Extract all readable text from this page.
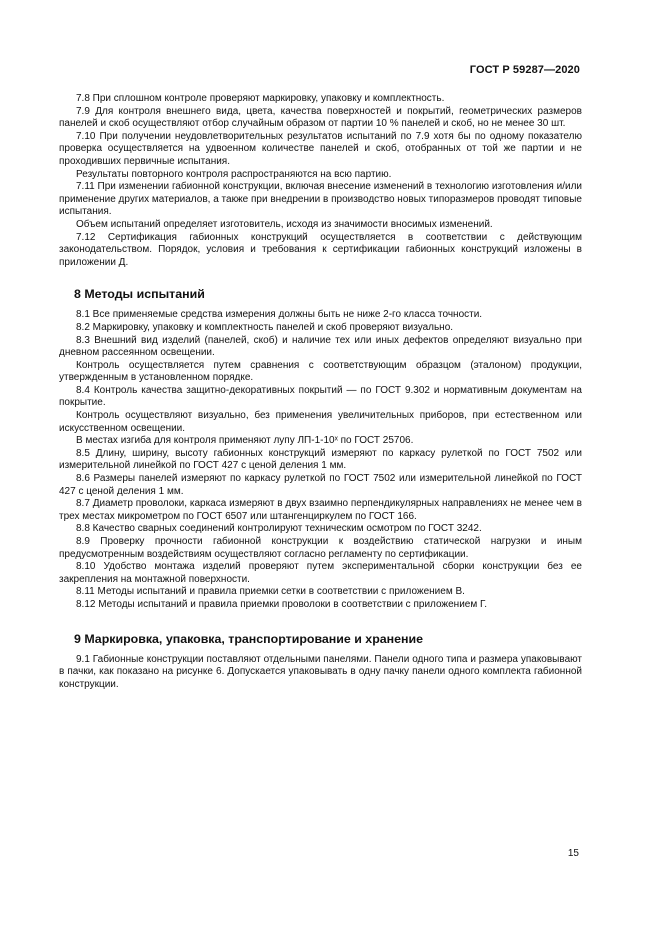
ГОСТ Р 59287—2020

7.8 При сплошном контроле проверяют маркировку, упаковку и комплектность.

7.9 Для контроля внешнего вида, цвета, качества поверхностей и покрытий, геометрических размеров панелей и скоб осуществляют отбор случайным образом от партии 10 % панелей и скоб, но не менее 30 шт.

7.10 При получении неудовлетворительных результатов испытаний по 7.9 хотя бы по одному показателю проверка осуществляется на удвоенном количестве панелей и скоб, отобранных от той же партии и не проходивших первичные испытания.

Результаты повторного контроля распространяются на всю партию.

7.11 При изменении габионной конструкции, включая внесение изменений в технологию изготовления и/или применение других материалов, а также при внедрении в производство новых типоразмеров проводят типовые испытания.

Объем испытаний определяет изготовитель, исходя из значимости вносимых изменений.

7.12 Сертификация габионных конструкций осуществляется в соответствии с действующим законодательством. Порядок, условия и требования к сертификации габионных конструкций изложены в приложении Д.

8 Методы испытаний

8.1 Все применяемые средства измерения должны быть не ниже 2-го класса точности.

8.2 Маркировку, упаковку и комплектность панелей и скоб проверяют визуально.

8.3 Внешний вид изделий (панелей, скоб) и наличие тех или иных дефектов определяют визуально при дневном рассеянном освещении.

Контроль осуществляется путем сравнения с соответствующим образцом (эталоном) продукции, утвержденным в установленном порядке.

8.4 Контроль качества защитно-декоративных покрытий — по ГОСТ 9.302 и нормативным документам на покрытие.

Контроль осуществляют визуально, без применения увеличительных приборов, при естественном или искусственном освещении.

В местах изгиба для контроля применяют лупу ЛП-1-10ˣ по ГОСТ 25706.

8.5 Длину, ширину, высоту габионных конструкций измеряют по каркасу рулеткой по ГОСТ 7502 или измерительной линейкой по ГОСТ 427 с ценой деления 1 мм.

8.6 Размеры панелей измеряют по каркасу рулеткой по ГОСТ 7502 или измерительной линейкой по ГОСТ 427 с ценой деления 1 мм.

8.7 Диаметр проволоки, каркаса измеряют в двух взаимно перпендикулярных направлениях не менее чем в трех местах микрометром по ГОСТ 6507 или штангенциркулем по ГОСТ 166.

8.8 Качество сварных соединений контролируют техническим осмотром по ГОСТ 3242.

8.9 Проверку прочности габионной конструкции к воздействию статической нагрузки и иным предусмотренным воздействиям осуществляют согласно регламенту по сертификации.

8.10 Удобство монтажа изделий проверяют путем экспериментальной сборки конструкции без ее закрепления на монтажной поверхности.

8.11 Методы испытаний и правила приемки сетки в соответствии с приложением В.

8.12 Методы испытаний и правила приемки проволоки в соответствии с приложением Г.

9 Маркировка, упаковка, транспортирование и хранение

9.1 Габионные конструкции поставляют отдельными панелями. Панели одного типа и размера упаковывают в пачки, как показано на рисунке 6. Допускается упаковывать в одну пачку панели одного комплекта габионной конструкции.

15
